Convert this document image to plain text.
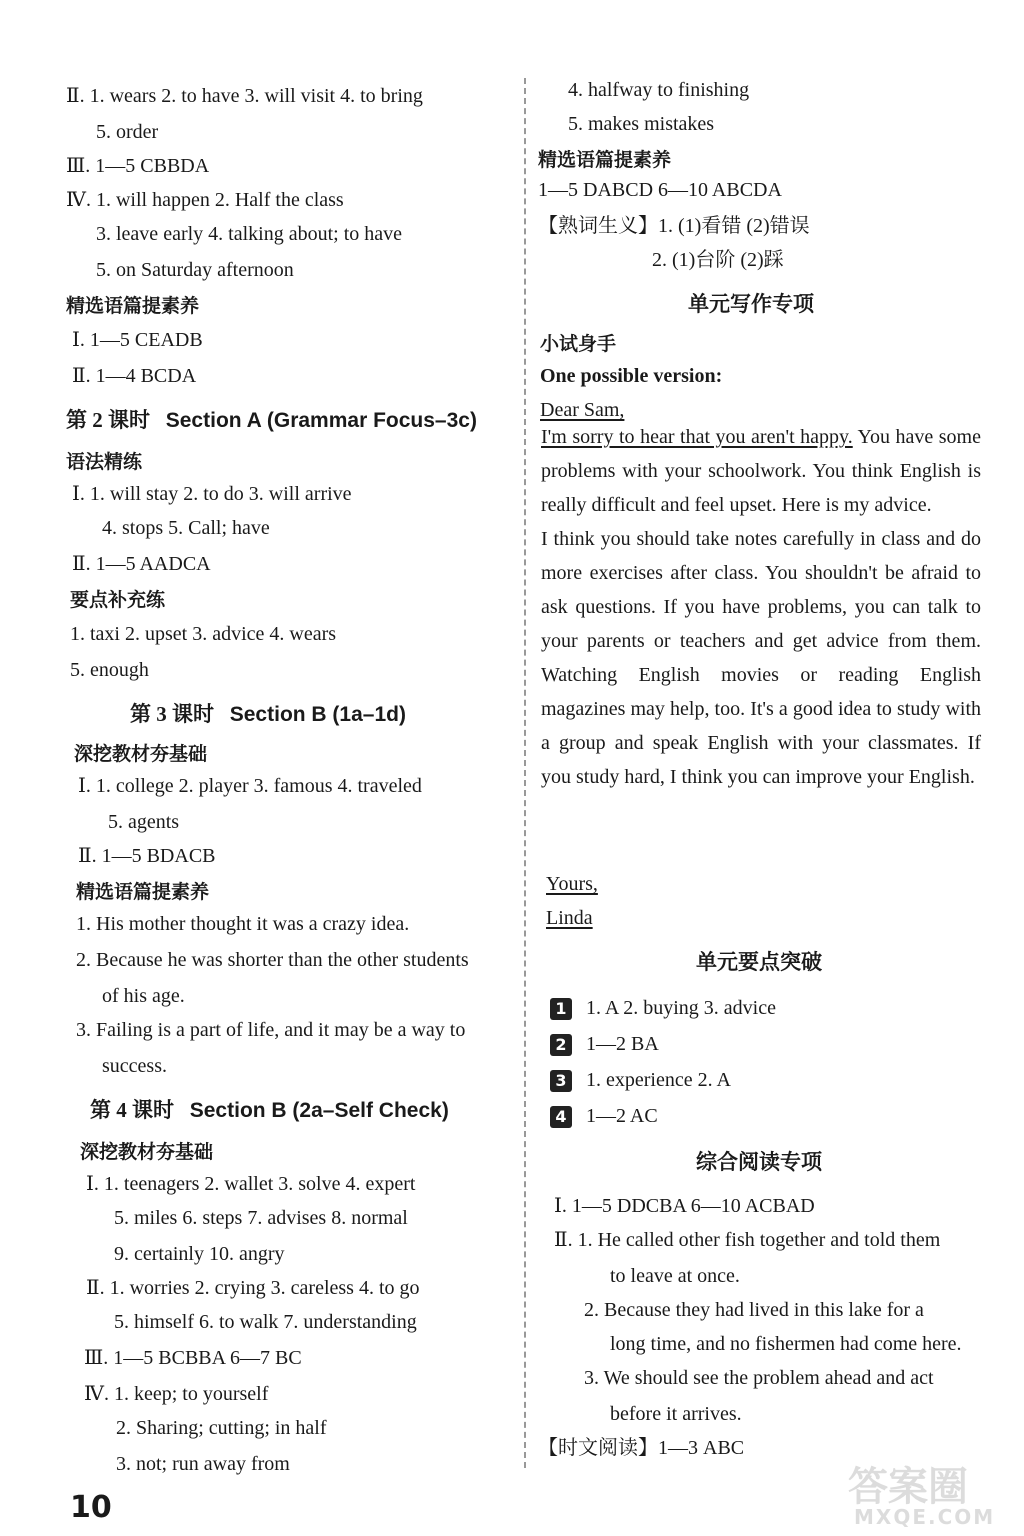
Ⅱ. 1. wears 2. to have 3. will visit 4. to bring
5. order
Ⅲ. 1—5 CBBDA
Ⅳ. 1. will happen 2. Half the class
3. leave early 4. talking about; to have
5. on Saturday afternoon
精选语篇提素养
Ⅰ. 1—5 CEADB
Ⅱ. 1—4 BCDA
第 2 课时 Section A (Grammar Focus–3c)
语法精练
Ⅰ. 1. will stay 2. to do 3. will arrive
4. stops 5. Call; have
Ⅱ. 1—5 AADCA
要点补充练
1. taxi 2. upset 3. advice 4. wears
5. enough
第 3 课时 Section B (1a–1d)
深挖教材夯基础
Ⅰ. 1. college 2. player 3. famous 4. traveled
5. agents
Ⅱ. 1—5 BDACB
精选语篇提素养
1. His mother thought it was a crazy idea.
2. Because he was shorter than the other students
of his age.
3. Failing is a part of life, and it may be a way to
success.
第 4 课时 Section B (2a–Self Check)
深挖教材夯基础
Ⅰ. 1. teenagers 2. wallet 3. solve 4. expert
5. miles 6. steps 7. advises 8. normal
9. certainly 10. angry
Ⅱ. 1. worries 2. crying 3. careless 4. to go
5. himself 6. to walk 7. understanding
Ⅲ. 1—5 BCBBA 6—7 BC
Ⅳ. 1. keep; to yourself
2. Sharing; cutting; in half
3. not; run away from
4. halfway to finishing
5. makes mistakes
精选语篇提素养
1—5 DABCD 6—10 ABCDA
【熟词生义】1. (1)看错 (2)错误
2. (1)台阶 (2)踩
单元写作专项
小试身手
One possible version:
Dear Sam,
I'm sorry to hear that you aren't happy. You have some problems with your schoolwork. You think English is really difficult and feel upset. Here is my advice.
I think you should take notes carefully in class and do more exercises after class. You shouldn't be afraid to ask questions. If you have problems, you can talk to your parents or teachers and get advice from them. Watching English movies or reading English magazines may help, too. It's a good idea to study with a group and speak English with your classmates. If you study hard, I think you can improve your English.
Yours,
Linda
单元要点突破
1 1. A 2. buying 3. advice
2 1—2 BA
3 1. experience 2. A
4 1—2 AC
综合阅读专项
Ⅰ. 1—5 DDCBA 6—10 ACBAD
Ⅱ. 1. He called other fish together and told them
to leave at once.
2. Because they had lived in this lake for a
long time, and no fishermen had come here.
3. We should see the problem ahead and act
before it arrives.
【时文阅读】1—3 ABC
10	答案圈
MXQE.COM
